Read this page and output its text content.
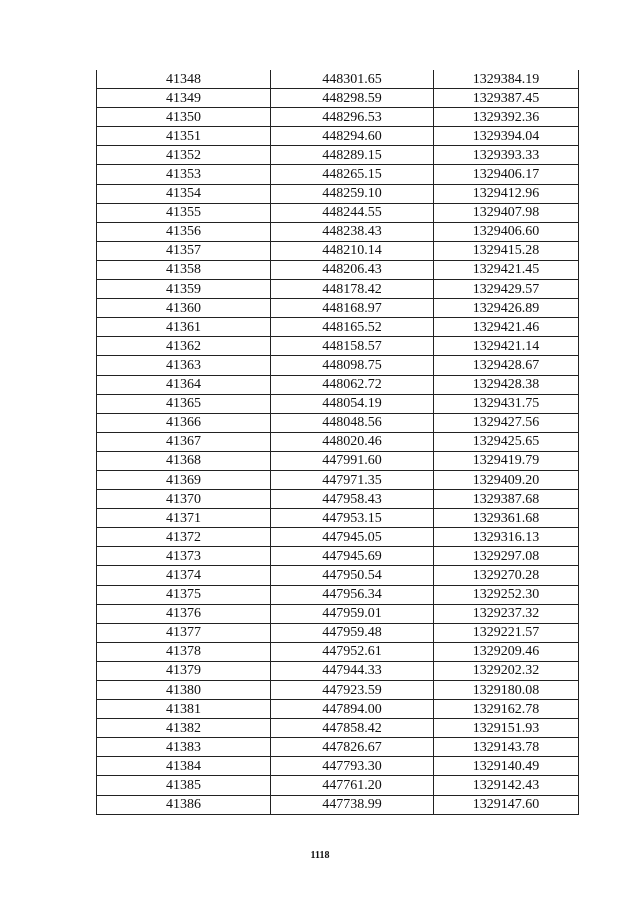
41348	448301.65	1329384.19
41349	448298.59	1329387.45
41350	448296.53	1329392.36
41351	448294.60	1329394.04
41352	448289.15	1329393.33
41353	448265.15	1329406.17
41354	448259.10	1329412.96
41355	448244.55	1329407.98
41356	448238.43	1329406.60
41357	448210.14	1329415.28
41358	448206.43	1329421.45
41359	448178.42	1329429.57
41360	448168.97	1329426.89
41361	448165.52	1329421.46
41362	448158.57	1329421.14
41363	448098.75	1329428.67
41364	448062.72	1329428.38
41365	448054.19	1329431.75
41366	448048.56	1329427.56
41367	448020.46	1329425.65
41368	447991.60	1329419.79
41369	447971.35	1329409.20
41370	447958.43	1329387.68
41371	447953.15	1329361.68
41372	447945.05	1329316.13
41373	447945.69	1329297.08
41374	447950.54	1329270.28
41375	447956.34	1329252.30
41376	447959.01	1329237.32
41377	447959.48	1329221.57
41378	447952.61	1329209.46
41379	447944.33	1329202.32
41380	447923.59	1329180.08
41381	447894.00	1329162.78
41382	447858.42	1329151.93
41383	447826.67	1329143.78
41384	447793.30	1329140.49
41385	447761.20	1329142.43
41386	447738.99	1329147.60
1118
